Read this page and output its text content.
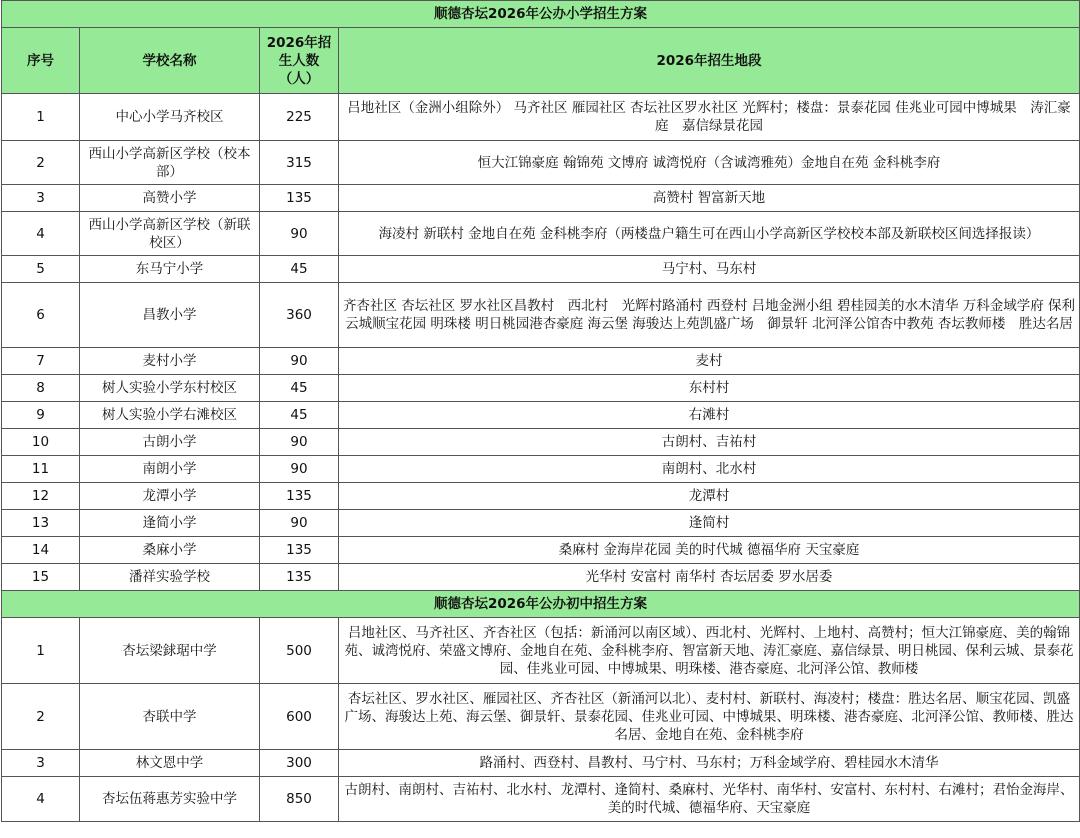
顺德杏坛2026年公办小学招生方案			
序号	学校名称	2026年招生人数（人）	2026年招生地段
1	中心小学马齐校区	225	吕地社区（金洲小组除外） 马齐社区 雁园社区 杏坛社区罗水社区 光辉村；楼盘：景泰花园 佳兆业可园中博城果　涛汇豪庭　嘉信绿景花园
2	西山小学高新区学校（校本部）	315	恒大江锦豪庭 翰锦苑 文博府 诚湾悦府（含诚湾雅苑）金地自在苑 金科桃李府
3	高赞小学	135	高赞村 智富新天地
4	西山小学高新区学校（新联校区）	90	海凌村 新联村 金地自在苑 金科桃李府（两楼盘户籍生可在西山小学高新区学校校本部及新联校区间选择报读）
5	东马宁小学	45	马宁村、马东村
6	昌教小学	360	齐杏社区 杏坛社区 罗水社区昌教村　西北村　光辉村路涌村 西登村 吕地金洲小组 碧桂园美的水木清华 万科金域学府 保利云城顺宝花园 明珠楼 明日桃园港杏豪庭 海云堡 海骏达上苑凯盛广场　御景轩 北河泽公馆杏中教苑 杏坛教师楼　胜达名居
7	麦村小学	90	麦村
8	树人实验小学东村校区	45	东村村
9	树人实验小学右滩校区	45	右滩村
10	古朗小学	90	古朗村、吉祐村
11	南朗小学	90	南朗村、北水村
12	龙潭小学	135	龙潭村
13	逢简小学	90	逢简村
14	桑麻小学	135	桑麻村 金海岸花园 美的时代城 德福华府 天宝豪庭
15	潘祥实验学校	135	光华村 安富村 南华村 杏坛居委 罗水居委
顺德杏坛2026年公办初中招生方案			
1	杏坛梁銶琚中学	500	吕地社区、马齐社区、齐杏社区（包括：新涌河以南区域）、西北村、光辉村、上地村、高赞村；恒大江锦豪庭、美的翰锦苑、诚湾悦府、荣盛文博府、金地自在苑、金科桃李府、智富新天地、涛汇豪庭、嘉信绿景、明日桃园、保利云城、景泰花园、佳兆业可园、中博城果、明珠楼、港杏豪庭、北河泽公馆、教师楼
2	杏联中学	600	杏坛社区、罗水社区、雁园社区、齐杏社区（新涌河以北）、麦村村、新联村、海凌村；楼盘：胜达名居、顺宝花园、凯盛广场、海骏达上苑、海云堡、御景轩、景泰花园、佳兆业可园、中博城果、明珠楼、港杏豪庭、北河泽公馆、教师楼、胜达名居、金地自在苑、金科桃李府
3	林文恩中学	300	路涌村、西登村、昌教村、马宁村、马东村；万科金域学府、碧桂园水木清华
4	杏坛伍蒋惠芳实验中学	850	古朗村、南朗村、吉祐村、北水村、龙潭村、逢简村、桑麻村、光华村、南华村、安富村、东村村、右滩村；君怡金海岸、美的时代城、德福华府、天宝豪庭
